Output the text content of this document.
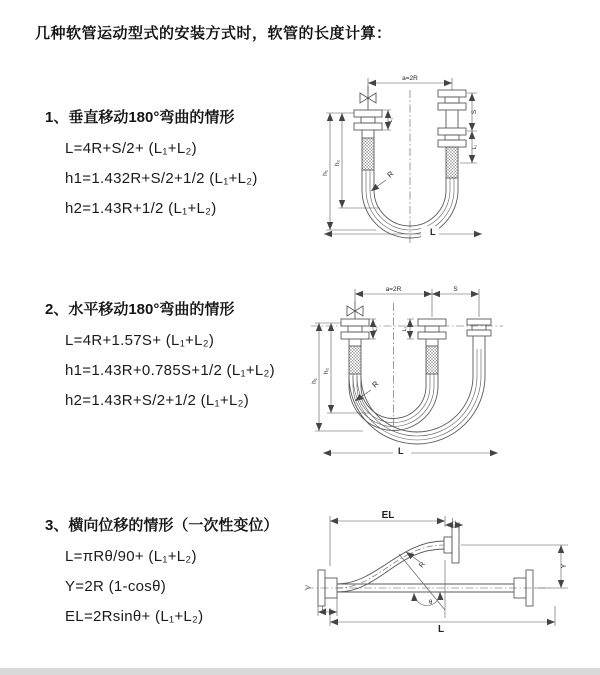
几种软管运动型式的安装方式时，软管的长度计算：
1、垂直移动180°弯曲的情形
L=4R+S/2+ (L₁+L₂)
h1=1.432R+S/2+1/2 (L₁+L₂)
h2=1.43R+1/2 (L₁+L₂)
2、水平移动180°弯曲的情形
L=4R+1.57S+ (L₁+L₂)
h1=1.43R+0.785S+1/2 (L₁+L₂)
h2=1.43R+S/2+1/2 (L₁+L₂)
3、横向位移的情形（一次性变位）
L=πRθ/90+ (L₁+L₂)
Y=2R (1-cosθ)
EL=2Rsinθ+ (L₁+L₂)
a=2R
h₁
h₂
L₁
S
L₂
R
L
a=2R	S
h₁
h₂
L₁	L₂
R
L
EL	L₁
Y
R
θ
L₂
L
